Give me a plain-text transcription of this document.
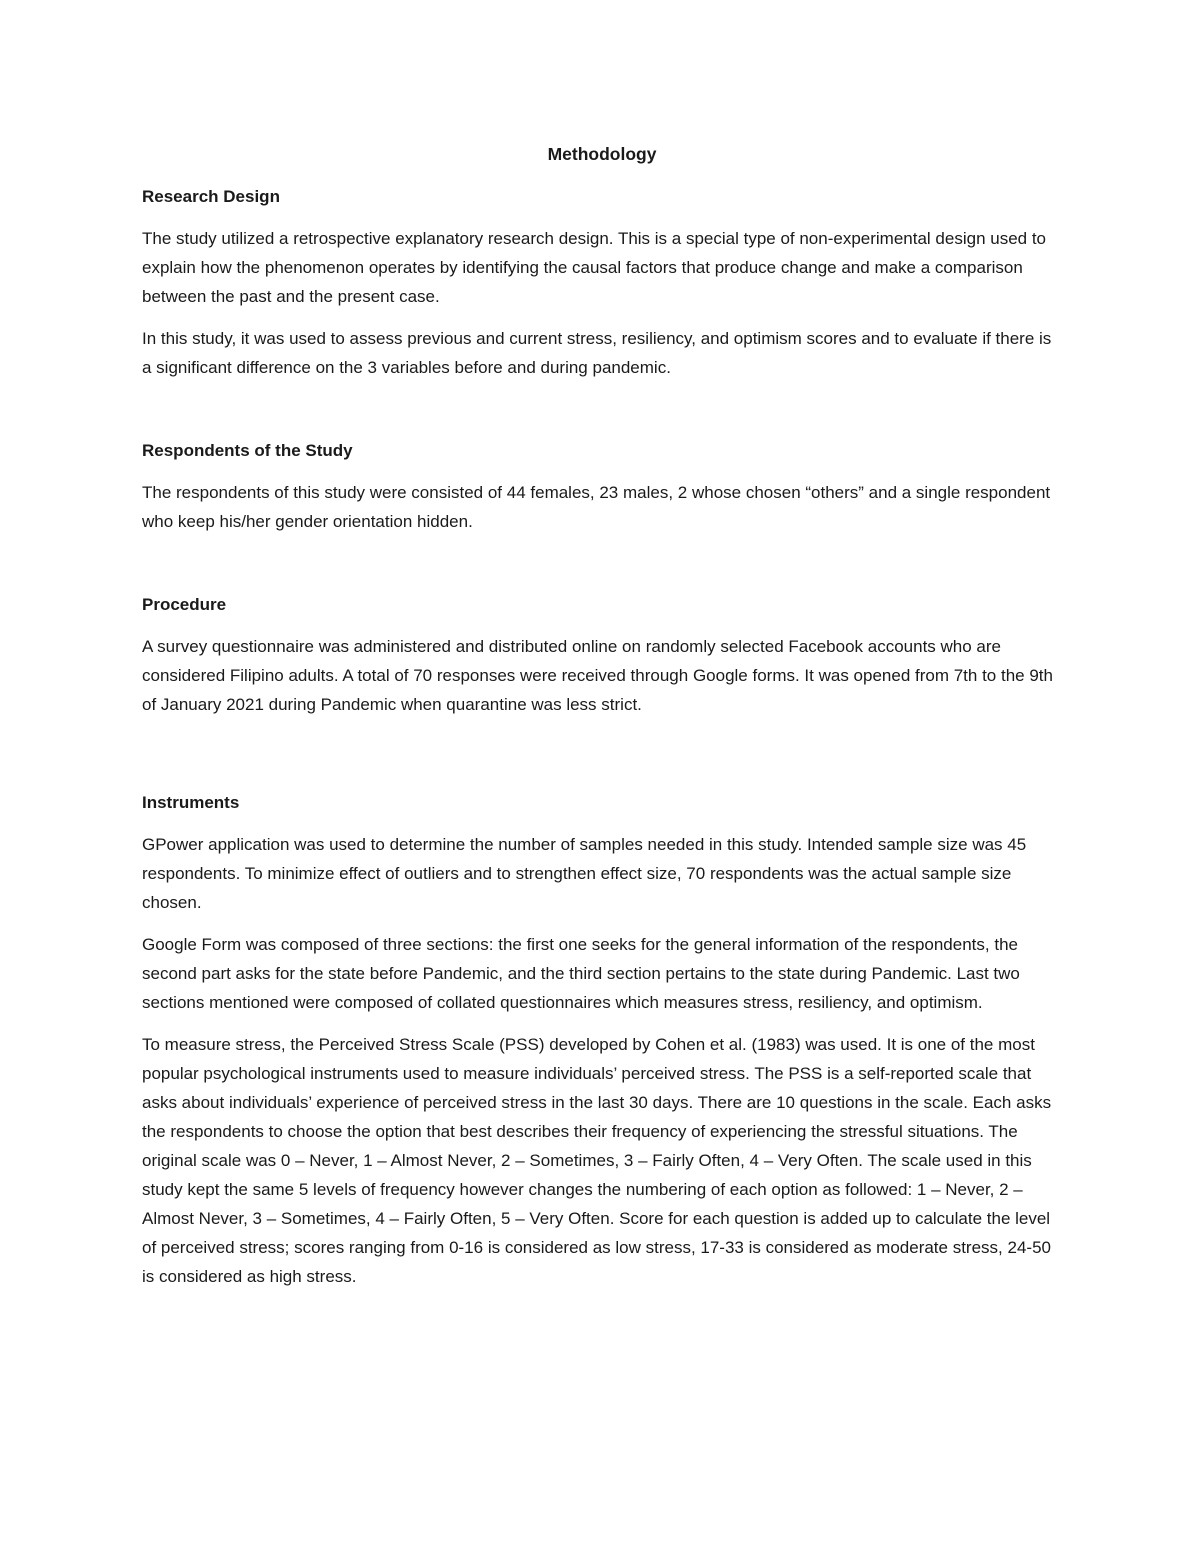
Methodology
Research Design

The study utilized a retrospective explanatory research design. This is a special type of non-experimental design used to explain how the phenomenon operates by identifying the causal factors that produce change and make a comparison between the past and the present case.

In this study, it was used to assess previous and current stress, resiliency, and optimism scores and to evaluate if there is a significant difference on the 3 variables before and during pandemic.

Respondents of the Study

The respondents of this study were consisted of 44 females, 23 males, 2 whose chosen “others” and a single respondent who keep his/her gender orientation hidden.

Procedure

A survey questionnaire was administered and distributed online on randomly selected Facebook accounts who are considered Filipino adults. A total of 70 responses were received through Google forms. It was opened from 7th to the 9th of January 2021 during Pandemic when quarantine was less strict.

Instruments

GPower application was used to determine the number of samples needed in this study. Intended sample size was 45 respondents. To minimize effect of outliers and to strengthen effect size, 70 respondents was the actual sample size chosen.

Google Form was composed of three sections: the first one seeks for the general information of the respondents, the second part asks for the state before Pandemic, and the third section pertains to the state during Pandemic. Last two sections mentioned were composed of collated questionnaires which measures stress, resiliency, and optimism.

To measure stress, the Perceived Stress Scale (PSS) developed by Cohen et al. (1983) was used. It is one of the most popular psychological instruments used to measure individuals’ perceived stress. The PSS is a self-reported scale that asks about individuals’ experience of perceived stress in the last 30 days. There are 10 questions in the scale. Each asks the respondents to choose the option that best describes their frequency of experiencing the stressful situations. The original scale was 0 – Never, 1 – Almost Never, 2 – Sometimes, 3 – Fairly Often, 4 – Very Often. The scale used in this study kept the same 5 levels of frequency however changes the numbering of each option as followed: 1 – Never, 2 – Almost Never, 3 – Sometimes, 4 – Fairly Often, 5 – Very Often. Score for each question is added up to calculate the level of perceived stress; scores ranging from 0-16 is considered as low stress, 17-33 is considered as moderate stress, 24-50 is considered as high stress.
